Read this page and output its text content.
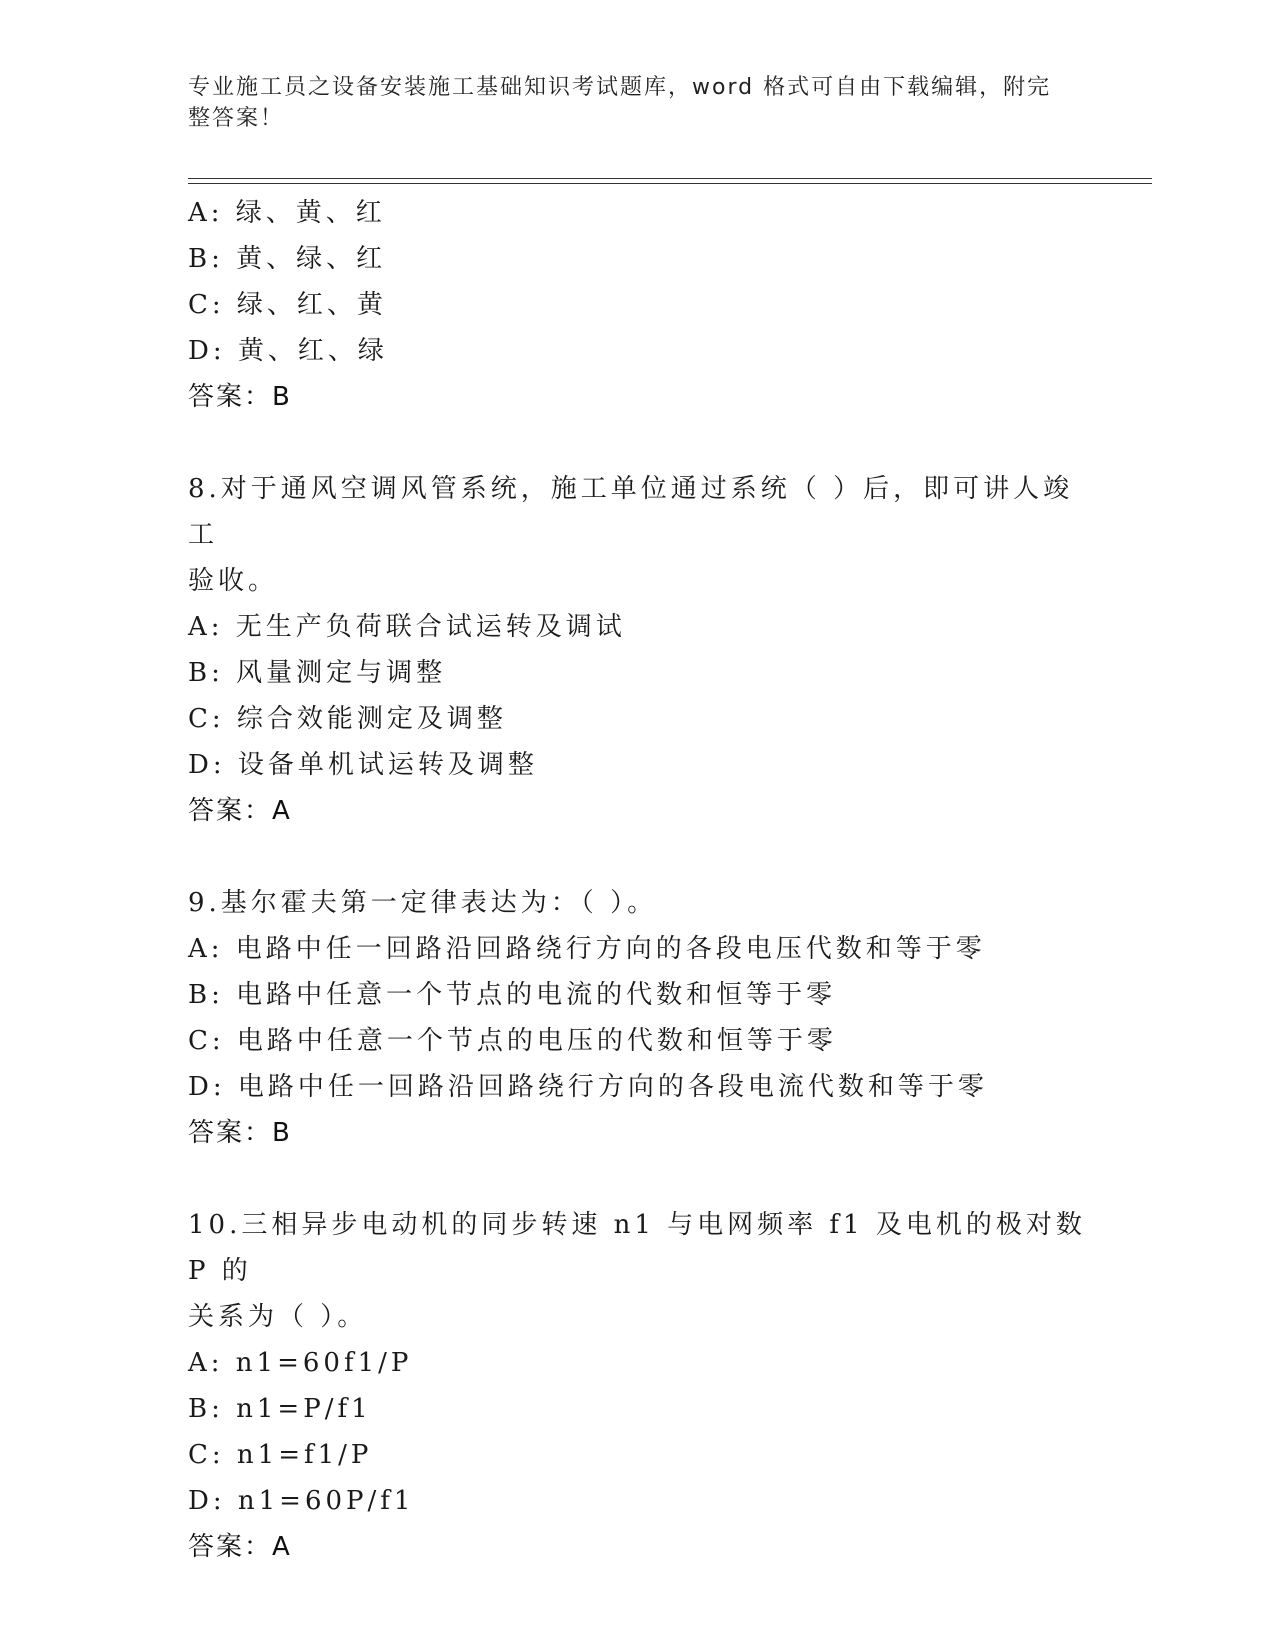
专业施工员之设备安装施工基础知识考试题库，word 格式可自由下载编辑，附完
整答案！
A: 绿、黄、红
B: 黄、绿、红
C: 绿、红、黄
D: 黄、红、绿
答案：B
8.对于通风空调风管系统，施工单位通过系统（ ）后，即可讲人竣工
验收。
A: 无生产负荷联合试运转及调试
B: 风量测定与调整
C: 综合效能测定及调整
D: 设备单机试运转及调整
答案：A
9.基尔霍夫第一定律表达为：（ ）。
A: 电路中任一回路沿回路绕行方向的各段电压代数和等于零
B: 电路中任意一个节点的电流的代数和恒等于零
C: 电路中任意一个节点的电压的代数和恒等于零
D: 电路中任一回路沿回路绕行方向的各段电流代数和等于零
答案：B
10.三相异步电动机的同步转速 n1 与电网频率 f1 及电机的极对数 P 的
关系为（ ）。
A: n1=60f1/P
B: n1=P/f1
C: n1=f1/P
D: n1=60P/f1
答案：A
